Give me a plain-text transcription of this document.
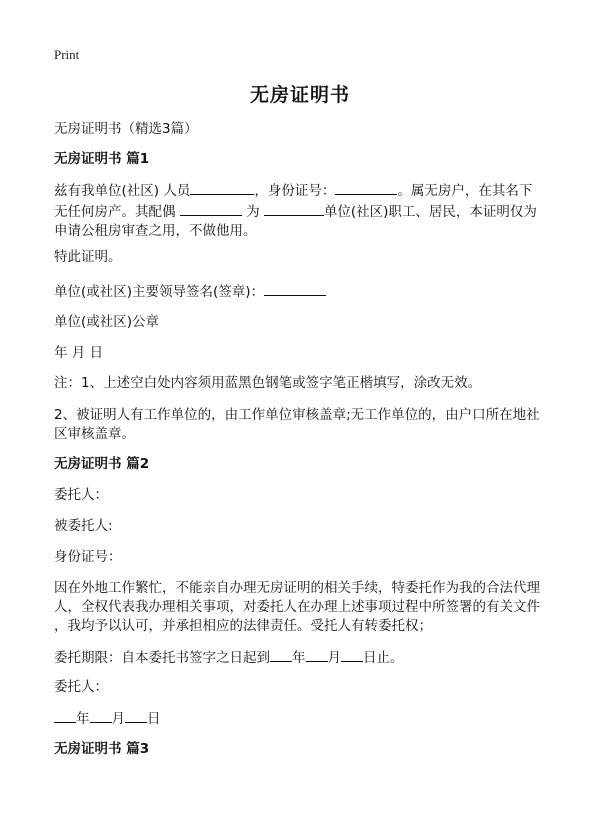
Print
无房证明书
无房证明书（精选3篇）
无房证明书 篇1
兹有我单位(社区) 人员	，身份证号：	。属无房户，在其名下
无任何房产。其配偶	为	单位(社区)职工、居民，本证明仅为
申请公租房审查之用，不做他用。
特此证明。
单位(或社区)主要领导签名(签章)：
单位(或社区)公章
年 月 日
注：1、上述空白处内容须用蓝黑色钢笔或签字笔正楷填写，涂改无效。
2、被证明人有工作单位的，由工作单位审核盖章;无工作单位的，由户口所在地社
区审核盖章。
无房证明书 篇2
委托人：
被委托人:
身份证号：
因在外地工作繁忙，不能亲自办理无房证明的相关手续，特委托作为我的合法代理
人，全权代表我办理相关事项，对委托人在办理上述事项过程中所签署的有关文件
，我均予以认可，并承担相应的法律责任。受托人有转委托权；
委托期限：自本委托书签字之日起到 年 月 日止。
委托人：
年 月 日
无房证明书 篇3
